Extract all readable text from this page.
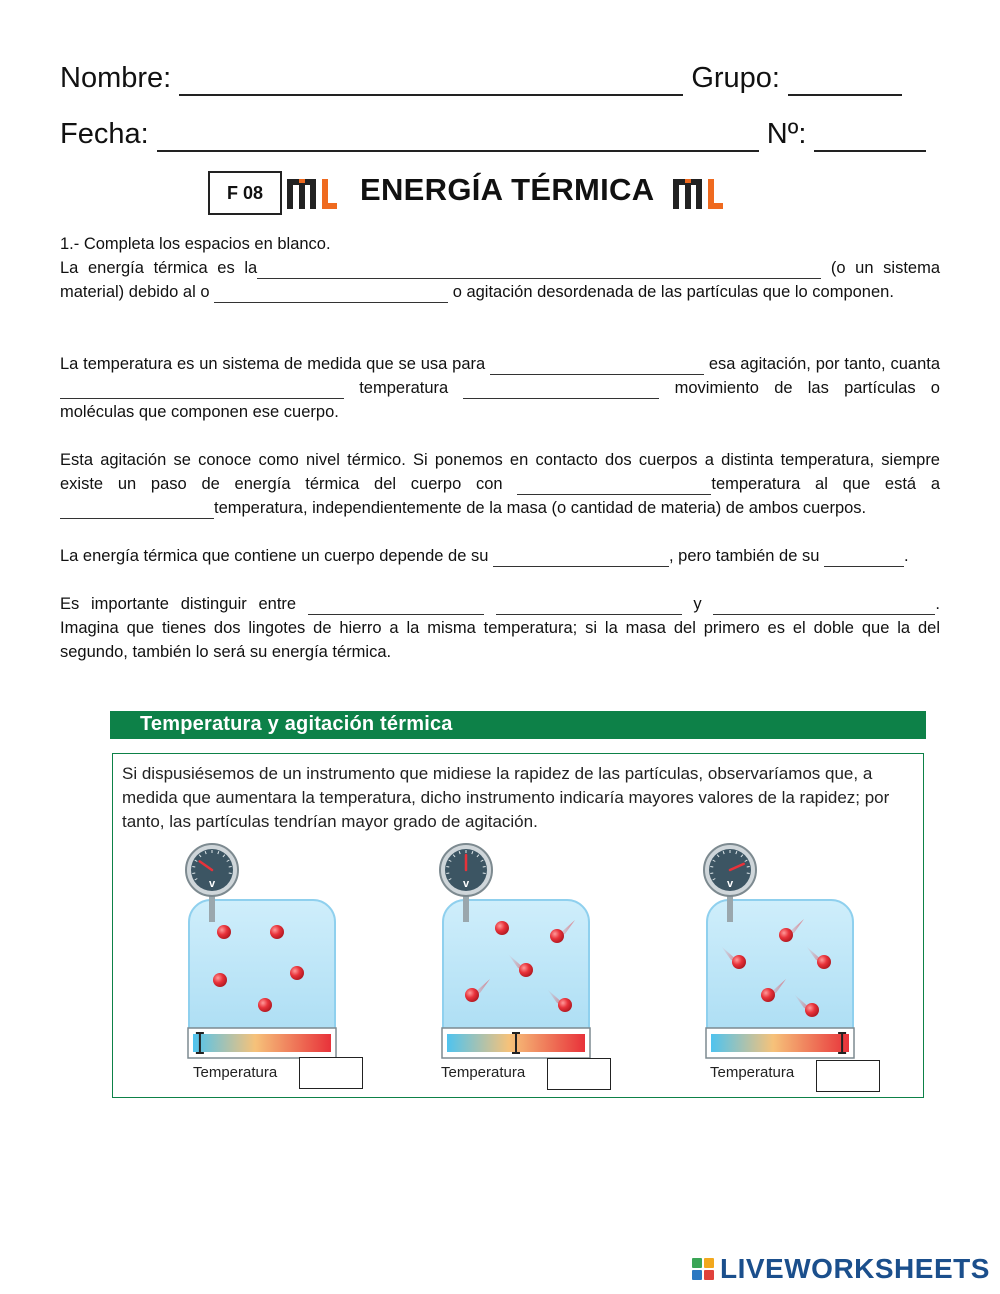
Nombre:	Grupo:
Fecha:	Nº:
F 08	ENERGÍA TÉRMICA

1.- Completa los espacios en blanco.

La energía térmica es la	(o un sistema material) debido al o	o agitación desordenada de las partículas que lo componen.

La temperatura es un sistema de medida que se usa para	esa agitación, por tanto, cuanta  temperatura	movimiento de las partículas o moléculas que componen ese cuerpo.
Esta agitación se conoce como nivel térmico. Si ponemos en contacto dos cuerpos a distinta temperatura, siempre existe un paso de energía térmica del cuerpo con	temperatura al que está a temperatura, independientemente de la masa (o cantidad de materia) de ambos cuerpos.
La energía térmica que contiene un cuerpo depende de su	, pero también de su	.
Es importante distinguir entre	y	. Imagina que tienes dos lingotes de hierro a la misma temperatura; si la masa del primero es el doble que la del segundo, también lo será su energía térmica.
Temperatura y agitación térmica
Si dispusiésemos de un instrumento que midiese la rapidez de las partículas, observaríamos que, a medida que aumentara la temperatura, dicho instrumento indicaría mayores valores de la rapidez; por tanto, las partículas tendrían mayor grado de agitación.
v	v	v
Temperatura	Temperatura	Temperatura
LIVEWORKSHEETS
